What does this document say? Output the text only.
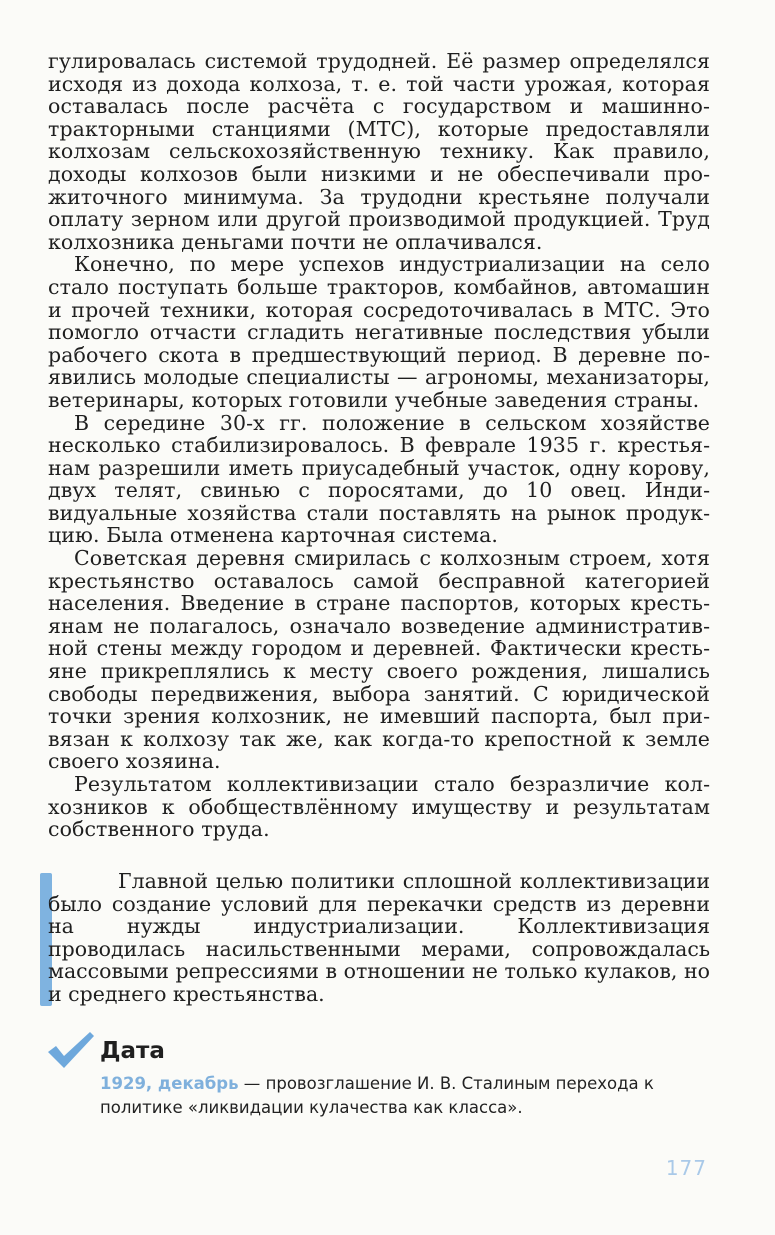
гулировалась системой трудодней. Её размер определялся исходя из дохода колхоза, т. е. той части урожая, которая оставалась после расчёта с государством и машинно-тракторными станциями (МТС), которые предоставляли колхозам сельскохозяйственную технику. Как правило, доходы колхозов были низкими и не обеспечивали прожиточного минимума. За трудодни крестьяне получали оплату зерном или другой производимой продукцией. Труд колхозника деньгами почти не оплачивался.

Конечно, по мере успехов индустриализации на село стало поступать больше тракторов, комбайнов, автомашин и прочей техники, которая сосредоточивалась в МТС. Это помогло отчасти сгладить негативные последствия убыли рабочего скота в предшествующий период. В деревне появились молодые специалисты — агрономы, механизаторы, ветеринары, которых готовили учебные заведения страны.

В середине 30-х гг. положение в сельском хозяйстве несколько стабилизировалось. В феврале 1935 г. крестьянам разрешили иметь приусадебный участок, одну корову, двух телят, свинью с поросятами, до 10 овец. Индивидуальные хозяйства стали поставлять на рынок продукцию. Была отменена карточная система.

Советская деревня смирилась с колхозным строем, хотя крестьянство оставалось самой бесправной категорией населения. Введение в стране паспортов, которых крестьянам не полагалось, означало возведение административной стены между городом и деревней. Фактически крестьяне прикреплялись к месту своего рождения, лишались свободы передвижения, выбора занятий. С юридической точки зрения колхозник, не имевший паспорта, был привязан к колхозу так же, как когда-то крепостной к земле своего хозяина.

Результатом коллективизации стало безразличие колхозников к обобществлённому имуществу и результатам собственного труда.

Главной целью политики сплошной коллективизации было создание условий для перекачки средств из деревни на нужды индустриализации. Коллективизация проводилась насильственными мерами, сопровождалась массовыми репрессиями в отношении не только кулаков, но и среднего крестьянства.

Дата
1929, декабрь — провозглашение И. В. Сталиным перехода к политике «ликвидации кулачества как класса».
177
